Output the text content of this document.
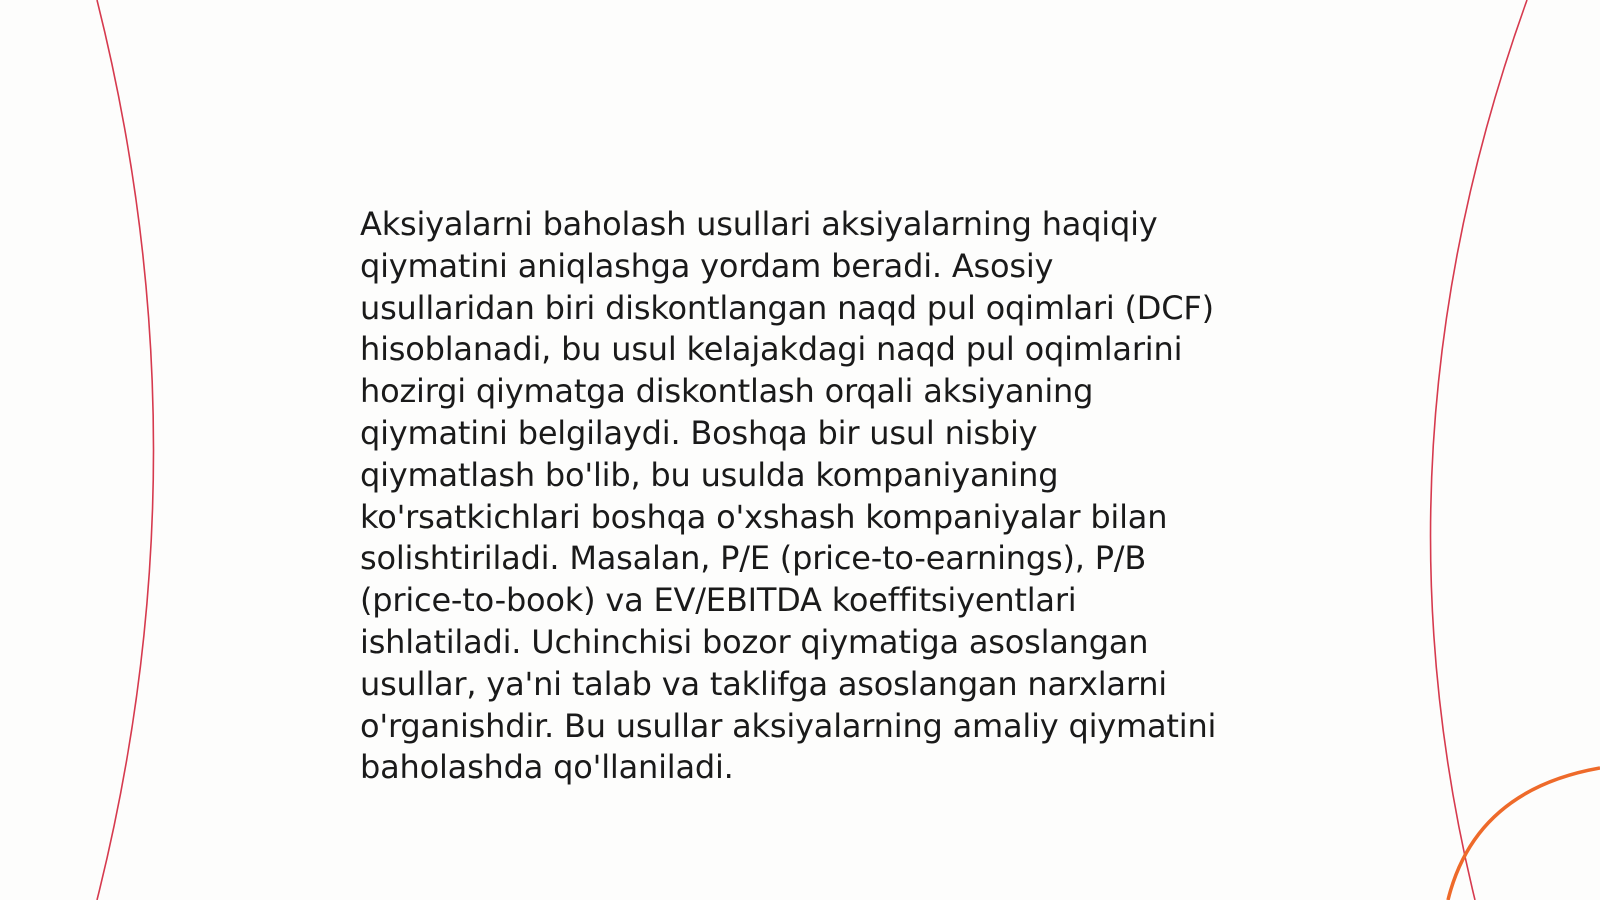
Aksiyalarni baholash usullari aksiyalarning haqiqiy
qiymatini aniqlashga yordam beradi. Asosiy
usullaridan biri diskontlangan naqd pul oqimlari (DCF)
hisoblanadi, bu usul kelajakdagi naqd pul oqimlarini
hozirgi qiymatga diskontlash orqali aksiyaning
qiymatini belgilaydi. Boshqa bir usul nisbiy
qiymatlash bo'lib, bu usulda kompaniyaning
ko'rsatkichlari boshqa o'xshash kompaniyalar bilan
solishtiriladi. Masalan, P/E (price-to-earnings), P/B
(price-to-book) va EV/EBITDA koeffitsiyentlari
ishlatiladi. Uchinchisi bozor qiymatiga asoslangan
usullar, ya'ni talab va taklifga asoslangan narxlarni
o'rganishdir. Bu usullar aksiyalarning amaliy qiymatini
baholashda qo'llaniladi.
